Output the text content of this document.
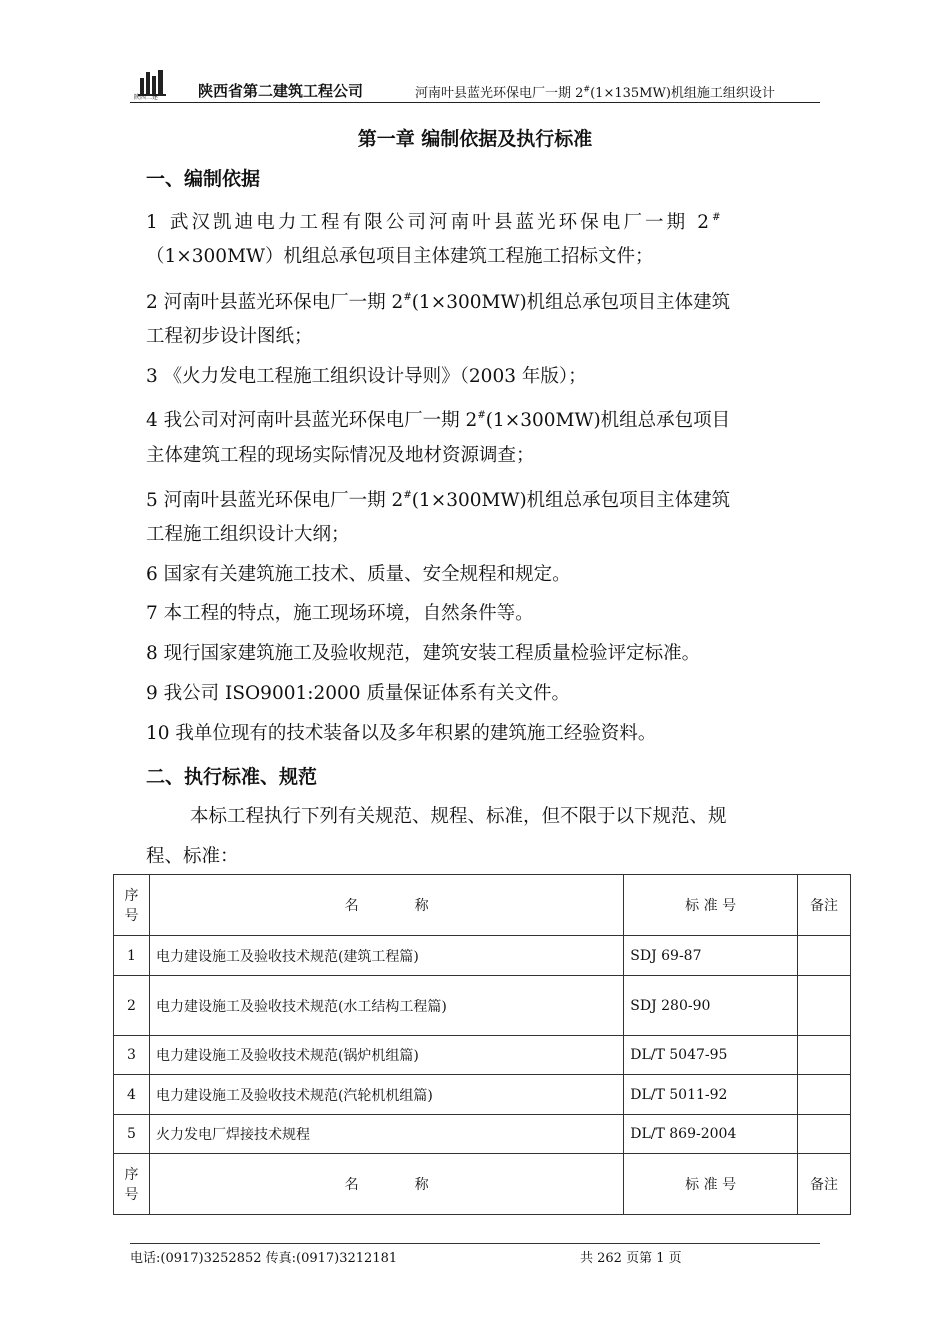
陕西二建	陕西省第二建筑工程公司	河南叶县蓝光环保电厂一期 2#(1×135MW)机组施工组织设计
第一章 编制依据及执行标准
一、编制依据
1 武汉凯迪电力工程有限公司河南叶县蓝光环保电厂一期 2#
（1×300MW）机组总承包项目主体建筑工程施工招标文件；
2 河南叶县蓝光环保电厂一期 2#(1×300MW)机组总承包项目主体建筑
工程初步设计图纸；
3 《火力发电工程施工组织设计导则》（2003 年版）；
4 我公司对河南叶县蓝光环保电厂一期 2#(1×300MW)机组总承包项目
主体建筑工程的现场实际情况及地材资源调查；
5 河南叶县蓝光环保电厂一期 2#(1×300MW)机组总承包项目主体建筑
工程施工组织设计大纲；
6 国家有关建筑施工技术、质量、安全规程和规定。
7 本工程的特点，施工现场环境，自然条件等。
8 现行国家建筑施工及验收规范，建筑安装工程质量检验评定标准。
9 我公司 ISO9001:2000 质量保证体系有关文件。
10 我单位现有的技术装备以及多年积累的建筑施工经验资料。
二、执行标准、规范
本标工程执行下列有关规范、规程、标准，但不限于以下规范、规
程、标准：
序号	名　　　　称	标 准 号	备注
1	电力建设施工及验收技术规范(建筑工程篇)	SDJ 69-87	
2	电力建设施工及验收技术规范(水工结构工程篇)	SDJ 280-90	
3	电力建设施工及验收技术规范(锅炉机组篇)	DL/T 5047-95	
4	电力建设施工及验收技术规范(汽轮机机组篇)	DL/T 5011-92	
5	火力发电厂焊接技术规程	DL/T 869-2004	
序号	名　　　　称	标 准 号	备注
电话:(0917)3252852 传真:(0917)3212181	共 262 页第 1 页
